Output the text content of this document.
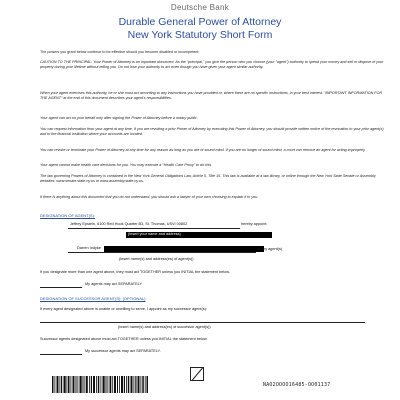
Deutsche Bank
Durable General Power of Attorney
New York Statutory Short Form
The powers you grant below continue to be effective should you become disabled or incompetent:
CAUTION TO THE PRINCIPAL: Your Power of Attorney is an important document. As the "principal," you give the person who you choose (your "agent") authority to spend your money and sell or dispose of your property during your lifetime without telling you. Do not lose your authority to act even though you have given your agent similar authority.
When your agent exercises this authority, he or she must act according to any instructions you have provided or, where there are no specific instructions, in your best interest. "IMPORTANT INFORMATION FOR THE AGENT" at the end of this document describes your agent's responsibilities.
Your agent can act on your behalf only after signing the Power of Attorney before a notary public.
You can request information from your agent at any time. If you are revoking a prior Power of Attorney by executing this Power of Attorney, you should provide written notice of the revocation to your prior agent(s) and to the financial institution where your accounts are located.
You can revoke or terminate your Power of Attorney at any time for any reason as long as you are of sound mind. If you are no longer of sound mind, a court can remove an agent for acting improperly.
Your agent cannot make health care decisions for you. You may execute a "Health Care Proxy" to do this.
The law governing Powers of Attorney is contained in the New York General Obligations Law, Article 5, Title 15. This law is available at a law library, or online through the New York State Senate or Assembly websites, www.senate.state.ny.us or www.assembly.state.ny.us.
If there is anything about this document that you do not understand, you should ask a lawyer of your own choosing to explain it to you.
DESIGNATION OF AGENT(S):
Jeffrey Epstein, 6100 Red Hook Quarter B3, St. Thomas, USVI 00802	hereby appoint:
(insert your name and address)
Darren Indyke	as my agent(s)
(insert name(s) and address(es) of agent(s))
If you designate more than one agent above, they must act TOGETHER unless you INITIAL the statement below.
My agents may act SEPARATELY.
DESIGNATION OF SUCCESSOR AGENT(S): (OPTIONAL)
If every agent designated above is unable or unwilling to serve, I appoint as my successor agent(s):
(insert name(s) and address(es) of successor agent(s))
Successor agents designated above must act TOGETHER unless you INITIAL the statement below.
My successor agents may act SEPARATELY.
NAO2OOOO16485-OO01137
